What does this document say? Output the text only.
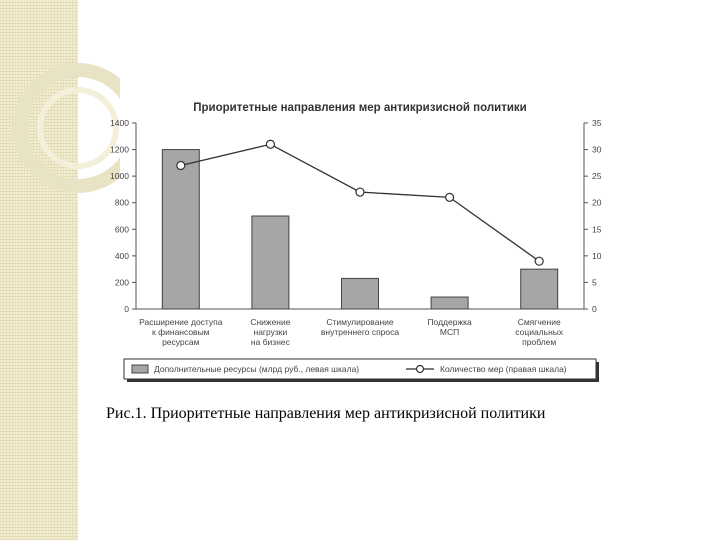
Приоритетные направления мер антикризисной политики
0
200
400
600
800
1000
1200
1400
0
5
10
15
20
25
30
35
Расширение доступа к финансовым ресурсам
Снижение нагрузки на бизнес
Стимулирование внутреннего спроса
Поддержка МСП
Смягчение социальных проблем
Дополнительные ресурсы (млрд руб., левая шкала)	Количество мер (правая шкала)
Рис.1. Приоритетные направления мер антикризисной политики
